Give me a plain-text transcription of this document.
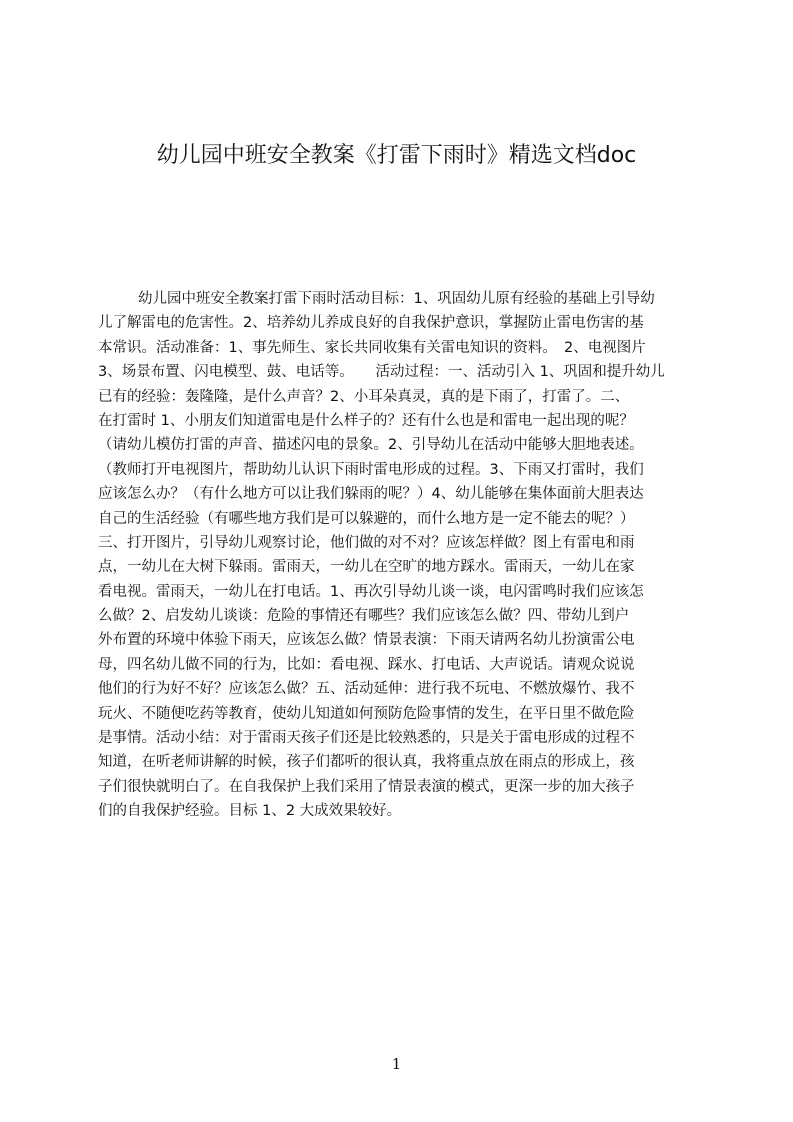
幼儿园中班安全教案《打雷下雨时》精选文档doc
幼儿园中班安全教案打雷下雨时活动目标：1、巩固幼儿原有经验的基础上引导幼
儿了解雷电的危害性。2、培养幼儿养成良好的自我保护意识，掌握防止雷电伤害的基
本常识。活动准备：1、事先师生、家长共同收集有关雷电知识的资料。　2、电视图片
3、场景布置、闪电模型、鼓、电话等。　　活动过程：一、活动引入 1、巩固和提升幼儿
已有的经验：轰隆隆，是什么声音？2、小耳朵真灵，真的是下雨了，打雷了。二、
在打雷时 1、小朋友们知道雷电是什么样子的？还有什么也是和雷电一起出现的呢？
（请幼儿模仿打雷的声音、描述闪电的景象。2、引导幼儿在活动中能够大胆地表述。
（教师打开电视图片，帮助幼儿认识下雨时雷电形成的过程。3、下雨又打雷时，我们
应该怎么办？（有什么地方可以让我们躲雨的呢？）4、幼儿能够在集体面前大胆表达
自己的生活经验（有哪些地方我们是可以躲避的，而什么地方是一定不能去的呢？）
三、打开图片，引导幼儿观察讨论，他们做的对不对？应该怎样做？图上有雷电和雨
点，一幼儿在大树下躲雨。雷雨天，一幼儿在空旷的地方踩水。雷雨天，一幼儿在家
看电视。雷雨天，一幼儿在打电话。1、再次引导幼儿谈一谈，电闪雷鸣时我们应该怎
么做？2、启发幼儿谈谈：危险的事情还有哪些？我们应该怎么做？四、带幼儿到户
外布置的环境中体验下雨天，应该怎么做？情景表演：下雨天请两名幼儿扮演雷公电
母，四名幼儿做不同的行为，比如：看电视、踩水、打电话、大声说话。请观众说说
他们的行为好不好？应该怎么做？五、活动延伸：进行我不玩电、不燃放爆竹、我不
玩火、不随便吃药等教育，使幼儿知道如何预防危险事情的发生，在平日里不做危险
是事情。活动小结：对于雷雨天孩子们还是比较熟悉的，只是关于雷电形成的过程不
知道，在听老师讲解的时候，孩子们都听的很认真，我将重点放在雨点的形成上，孩
子们很快就明白了。在自我保护上我们采用了情景表演的模式，更深一步的加大孩子
们的自我保护经验。目标 1、2 大成效果较好。
1
